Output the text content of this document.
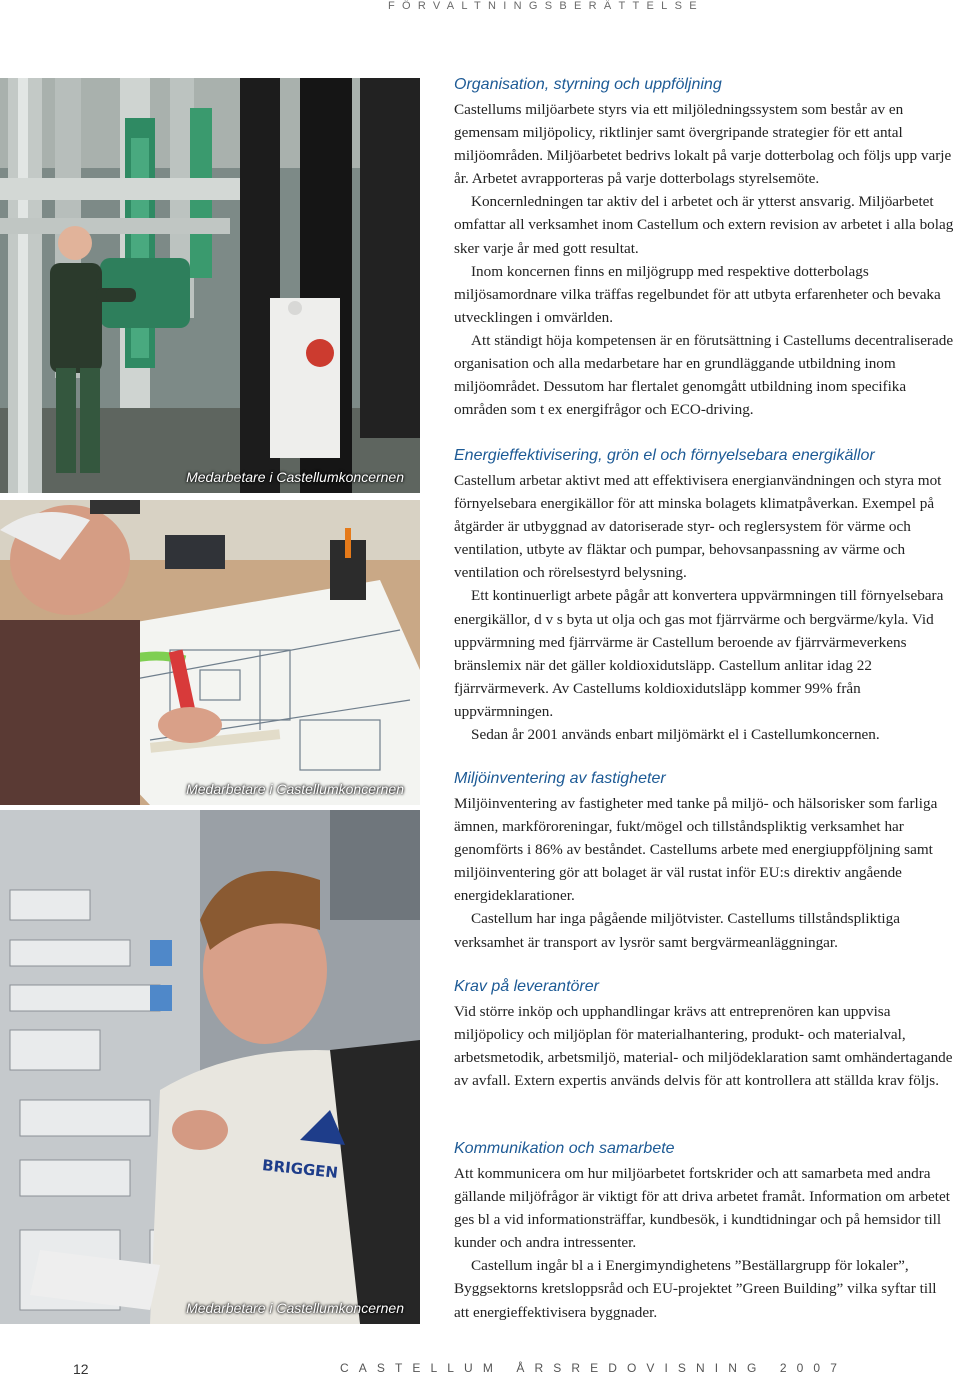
FÖRVALTNINGSBERÄTTELSE
Medarbetare i Castellumkoncernen
Medarbetare i Castellumkoncernen
BRIGGEN
Medarbetare i Castellumkoncernen
Organisation, styrning och uppföljning

Castellums miljöarbete styrs via ett miljöledningssystem som består av en gemensam miljöpolicy, riktlinjer samt övergripande strategier för ett antal miljöområden. Miljöarbetet bedrivs lokalt på varje dotterbolag och följs upp varje år. Arbetet avrapporteras på varje dotterbolags styrelsemöte.

Koncernledningen tar aktiv del i arbetet och är ytterst ansvarig. Miljöarbetet omfattar all verksamhet inom Castellum och extern revision av arbetet i alla bolag sker varje år med gott resultat.

Inom koncernen finns en miljögrupp med respektive dotterbolags miljösamordnare vilka träffas regelbundet för att utbyta erfarenheter och bevaka utvecklingen i omvärlden.

Att ständigt höja kompetensen är en förutsättning i Castellums decentraliserade organisation och alla medarbetare har en grundläggande utbildning inom miljöområdet. Dessutom har flertalet genomgått utbildning inom specifika områden som t ex energifrågor och ECO-driving.

Energieffektivisering, grön el och förnyelsebara energikällor

Castellum arbetar aktivt med att effektivisera energianvändningen och styra mot förnyelsebara energikällor för att minska bolagets klimatpåverkan. Exempel på åtgärder är utbyggnad av datoriserade styr- och reglersystem för värme och ventilation, utbyte av fläktar och pumpar, behovsanpassning av värme och ventilation och rörelsestyrd belysning.

Ett kontinuerligt arbete pågår att konvertera uppvärmningen till förnyelsebara energikällor, d v s byta ut olja och gas mot fjärrvärme och bergvärme/kyla. Vid uppvärmning med fjärrvärme är Castellum beroende av fjärrvärmeverkens bränslemix när det gäller koldioxidutsläpp. Castellum anlitar idag 22 fjärrvärmeverk. Av Castellums koldioxidutsläpp kommer 99% från uppvärmningen.

Sedan år 2001 används enbart miljömärkt el i Castellumkoncernen.

Miljöinventering av fastigheter

Miljöinventering av fastigheter med tanke på miljö- och hälsorisker som farliga ämnen, markföroreningar, fukt/mögel och tillståndspliktig verksamhet har genomförts i 86% av beståndet. Castellums arbete med energiuppföljning samt miljöinventering gör att bolaget är väl rustat inför EU:s direktiv angående energideklarationer.

Castellum har inga pågående miljötvister. Castellums tillståndspliktiga verksamhet är transport av lysrör samt bergvärmeanläggningar.

Krav på leverantörer

Vid större inköp och upphandlingar krävs att entreprenören kan uppvisa miljöpolicy och miljöplan för materialhantering, produkt- och materialval, arbetsmetodik, arbetsmiljö, material- och miljödeklaration samt omhändertagande av avfall. Extern expertis används delvis för att kontrollera att ställda krav följs.

Kommunikation och samarbete

Att kommunicera om hur miljöarbetet fortskrider och att samarbeta med andra gällande miljöfrågor är viktigt för att driva arbetet framåt. Information om arbetet ges bl a vid informationsträffar, kundbesök, i kundtidningar och på hemsidor till kunder och andra intressenter.

Castellum ingår bl a i Energimyndighetens ”Beställargrupp för lokaler”, Byggsektorns kretsloppsråd och EU-projektet ”Green Building” vilka syftar till att energieffektivisera byggnader.

12	CASTELLUM ÅRSREDOVISNING 2007
